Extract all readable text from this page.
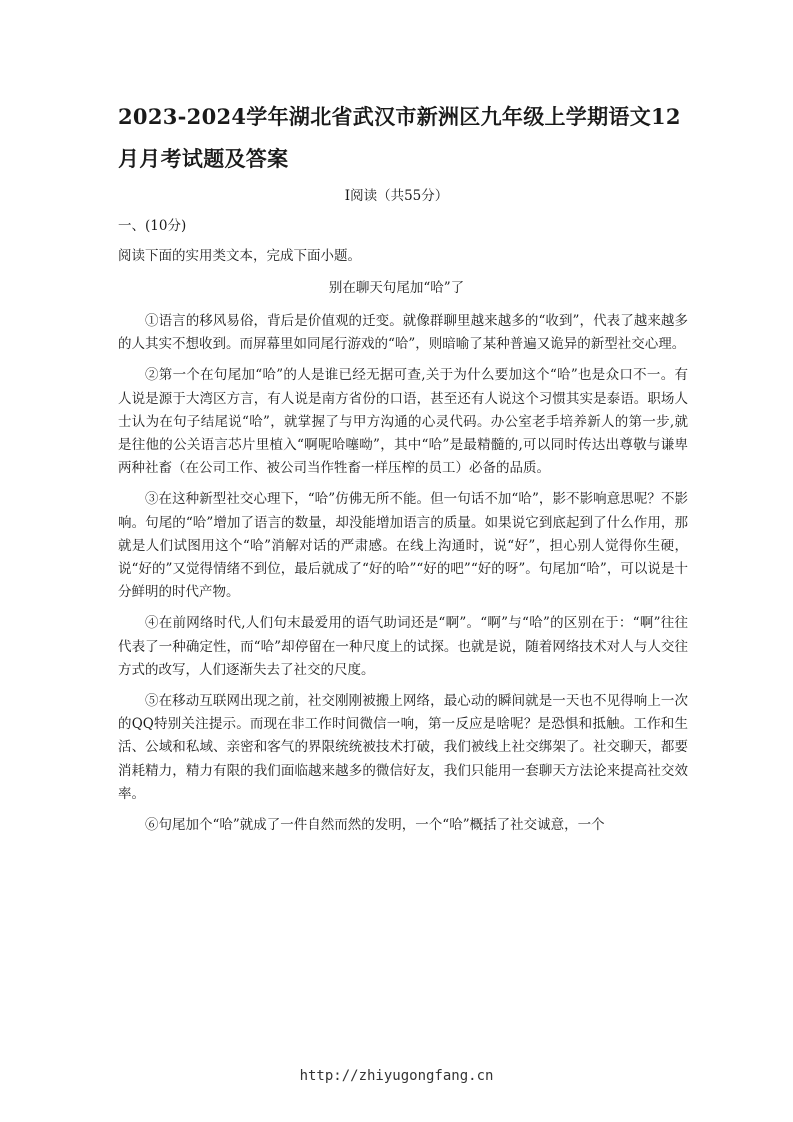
2023-2024学年湖北省武汉市新洲区九年级上学期语文12月月考试题及答案
Ⅰ阅读（共55分）
一、(10分)
阅读下面的实用类文本，完成下面小题。
别在聊天句尾加“哈”了

①语言的移风易俗，背后是价值观的迁变。就像群聊里越来越多的“收到”，代表了越来越多的人其实不想收到。而屏幕里如同尾行游戏的“哈”，则暗喻了某种普遍又诡异的新型社交心理。

②第一个在句尾加“哈”的人是谁已经无据可查,关于为什么要加这个“哈”也是众口不一。有人说是源于大湾区方言，有人说是南方省份的口语，甚至还有人说这个习惯其实是泰语。职场人士认为在句子结尾说“哈”，就掌握了与甲方沟通的心灵代码。办公室老手培养新人的第一步,就是往他的公关语言芯片里植入“啊呢哈噻呦”，其中“哈”是最精髓的,可以同时传达出尊敬与谦卑两种社畜（在公司工作、被公司当作牲畜一样压榨的员工）必备的品质。

③在这种新型社交心理下，“哈”仿佛无所不能。但一句话不加“哈”，影不影响意思呢？不影响。句尾的“哈”增加了语言的数量，却没能增加语言的质量。如果说它到底起到了什么作用，那就是人们试图用这个“哈”消解对话的严肃感。在线上沟通时，说“好”，担心别人觉得你生硬，说“好的”又觉得情绪不到位，最后就成了“好的哈”“好的吧”“好的呀”。句尾加“哈”，可以说是十分鲜明的时代产物。

④在前网络时代,人们句末最爱用的语气助词还是“啊”。“啊”与“哈”的区别在于：“啊”往往代表了一种确定性，而“哈”却停留在一种尺度上的试探。也就是说，随着网络技术对人与人交往方式的改写，人们逐渐失去了社交的尺度。

⑤在移动互联网出现之前，社交刚刚被搬上网络，最心动的瞬间就是一天也不见得响上一次的QQ特别关注提示。而现在非工作时间微信一响，第一反应是啥呢？是恐惧和抵触。工作和生活、公域和私域、亲密和客气的界限统统被技术打破，我们被线上社交绑架了。社交聊天，都要消耗精力，精力有限的我们面临越来越多的微信好友，我们只能用一套聊天方法论来提高社交效率。

⑥句尾加个“哈”就成了一件自然而然的发明，一个“哈”概括了社交诚意，一个

http://zhiyugongfang.cn
